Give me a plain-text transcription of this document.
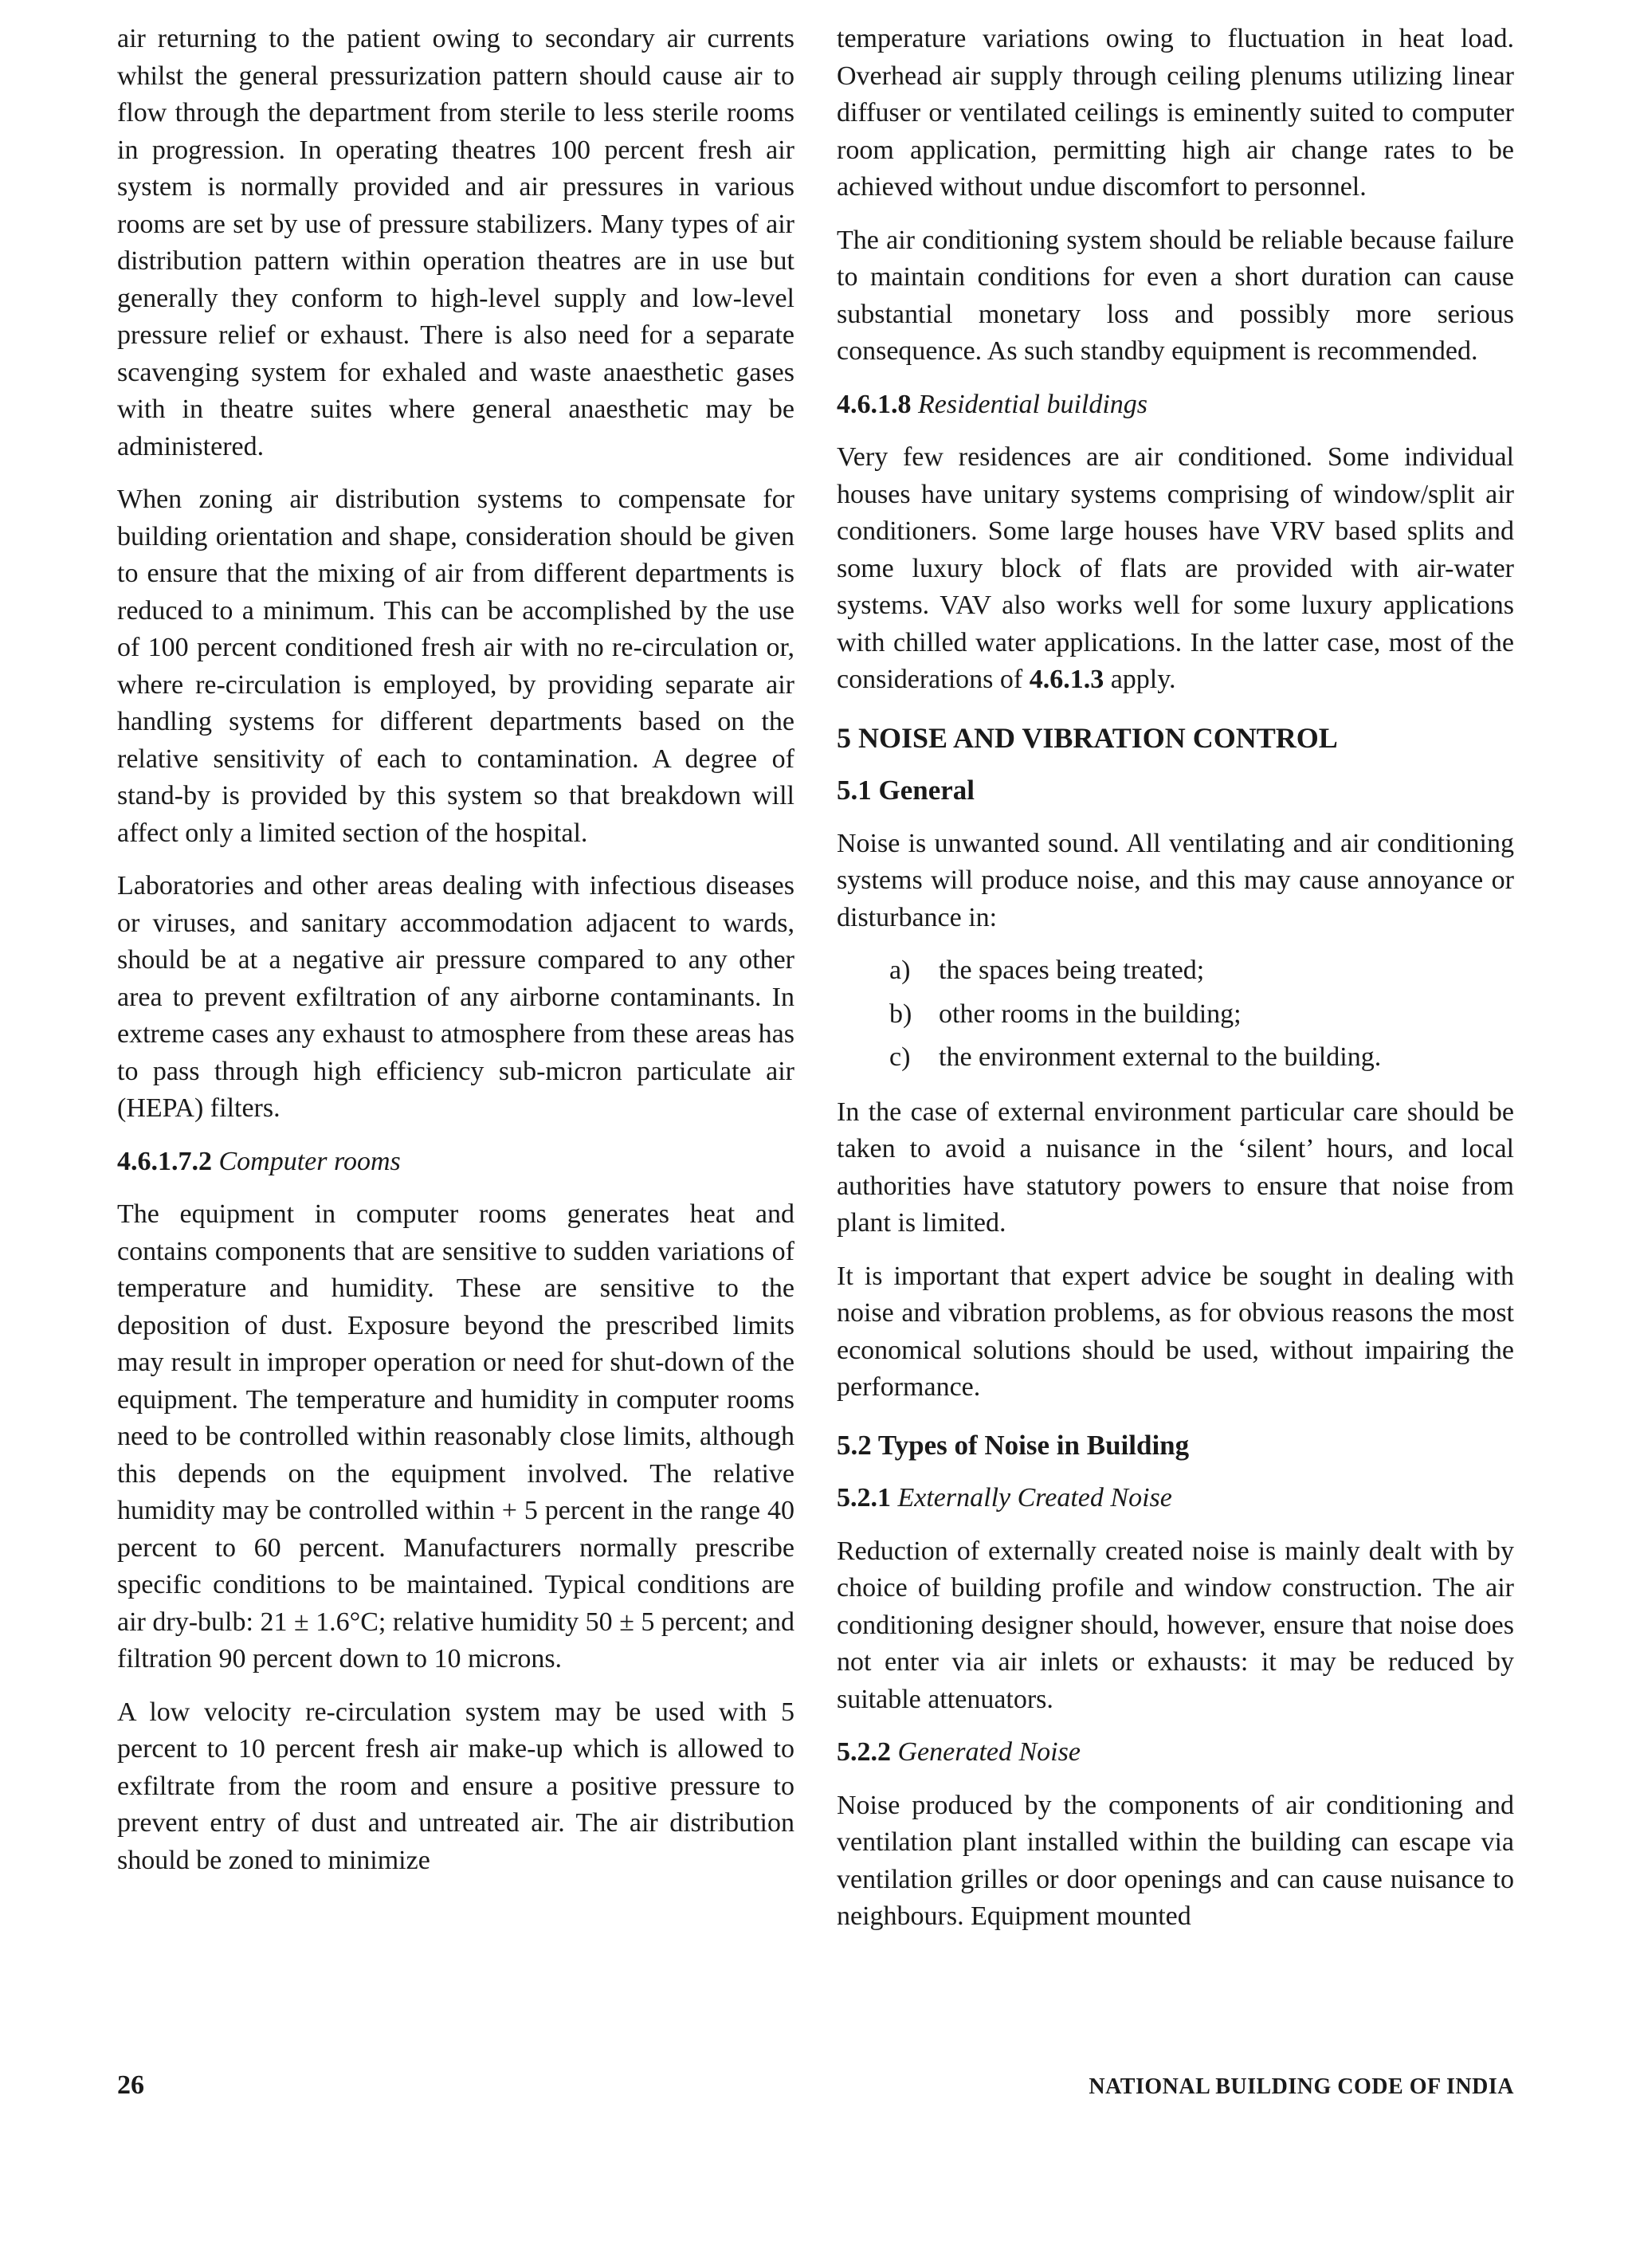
air returning to the patient owing to secondary air currents whilst the general pressurization pattern should cause air to flow through the department from sterile to less sterile rooms in progression. In operating theatres 100 percent fresh air system is normally provided and air pressures in various rooms are set by use of pressure stabilizers. Many types of air distribution pattern within operation theatres are in use but generally they conform to high-level supply and low-level pressure relief or exhaust. There is also need for a separate scavenging system for exhaled and waste anaesthetic gases with in theatre suites where general anaesthetic may be administered.

When zoning air distribution systems to compensate for building orientation and shape, consideration should be given to ensure that the mixing of air from different departments is reduced to a minimum. This can be accomplished by the use of 100 percent conditioned fresh air with no re-circulation or, where re-circulation is employed, by providing separate air handling systems for different departments based on the relative sensitivity of each to contamination. A degree of stand-by is provided by this system so that breakdown will affect only a limited section of the hospital.

Laboratories and other areas dealing with infectious diseases or viruses, and sanitary accommodation adjacent to wards, should be at a negative air pressure compared to any other area to prevent exfiltration of any airborne contaminants. In extreme cases any exhaust to atmosphere from these areas has to pass through high efficiency sub-micron particulate air (HEPA) filters.

4.6.1.7.2 Computer rooms

The equipment in computer rooms generates heat and contains components that are sensitive to sudden variations of temperature and humidity. These are sensitive to the deposition of dust. Exposure beyond the prescribed limits may result in improper operation or need for shut-down of the equipment. The temperature and humidity in computer rooms need to be controlled within reasonably close limits, although this depends on the equipment involved. The relative humidity may be controlled within + 5 percent in the range 40 percent to 60 percent. Manufacturers normally prescribe specific conditions to be maintained. Typical conditions are air dry-bulb: 21 ± 1.6°C; relative humidity 50 ± 5 percent; and filtration 90 percent down to 10 microns.

A low velocity re-circulation system may be used with 5 percent to 10 percent fresh air make-up which is allowed to exfiltrate from the room and ensure a positive pressure to prevent entry of dust and untreated air. The air distribution should be zoned to minimize

temperature variations owing to fluctuation in heat load. Overhead air supply through ceiling plenums utilizing linear diffuser or ventilated ceilings is eminently suited to computer room application, permitting high air change rates to be achieved without undue discomfort to personnel.

The air conditioning system should be reliable because failure to maintain conditions for even a short duration can cause substantial monetary loss and possibly more serious consequence. As such standby equipment is recommended.

4.6.1.8 Residential buildings

Very few residences are air conditioned. Some individual houses have unitary systems comprising of window/split air conditioners. Some large houses have VRV based splits and some luxury block of flats are provided with air-water systems. VAV also works well for some luxury applications with chilled water applications. In the latter case, most of the considerations of 4.6.1.3 apply.

5 NOISE AND VIBRATION CONTROL
5.1 General

Noise is unwanted sound. All ventilating and air conditioning systems will produce noise, and this may cause annoyance or disturbance in:

a)	the spaces being treated;
b) other rooms in the building;
c)	the environment external to the building.

In the case of external environment particular care should be taken to avoid a nuisance in the ‘silent’ hours, and local authorities have statutory powers to ensure that noise from plant is limited.

It is important that expert advice be sought in dealing with noise and vibration problems, as for obvious reasons the most economical solutions should be used, without impairing the performance.

5.2 Types of Noise in Building
5.2.1 Externally Created Noise

Reduction of externally created noise is mainly dealt with by choice of building profile and window construction. The air conditioning designer should, however, ensure that noise does not enter via air inlets or exhausts: it may be reduced by suitable attenuators.

5.2.2 Generated Noise

Noise produced by the components of air conditioning and ventilation plant installed within the building can escape via ventilation grilles or door openings and can cause nuisance to neighbours. Equipment mounted

26	NATIONAL BUILDING CODE OF INDIA
